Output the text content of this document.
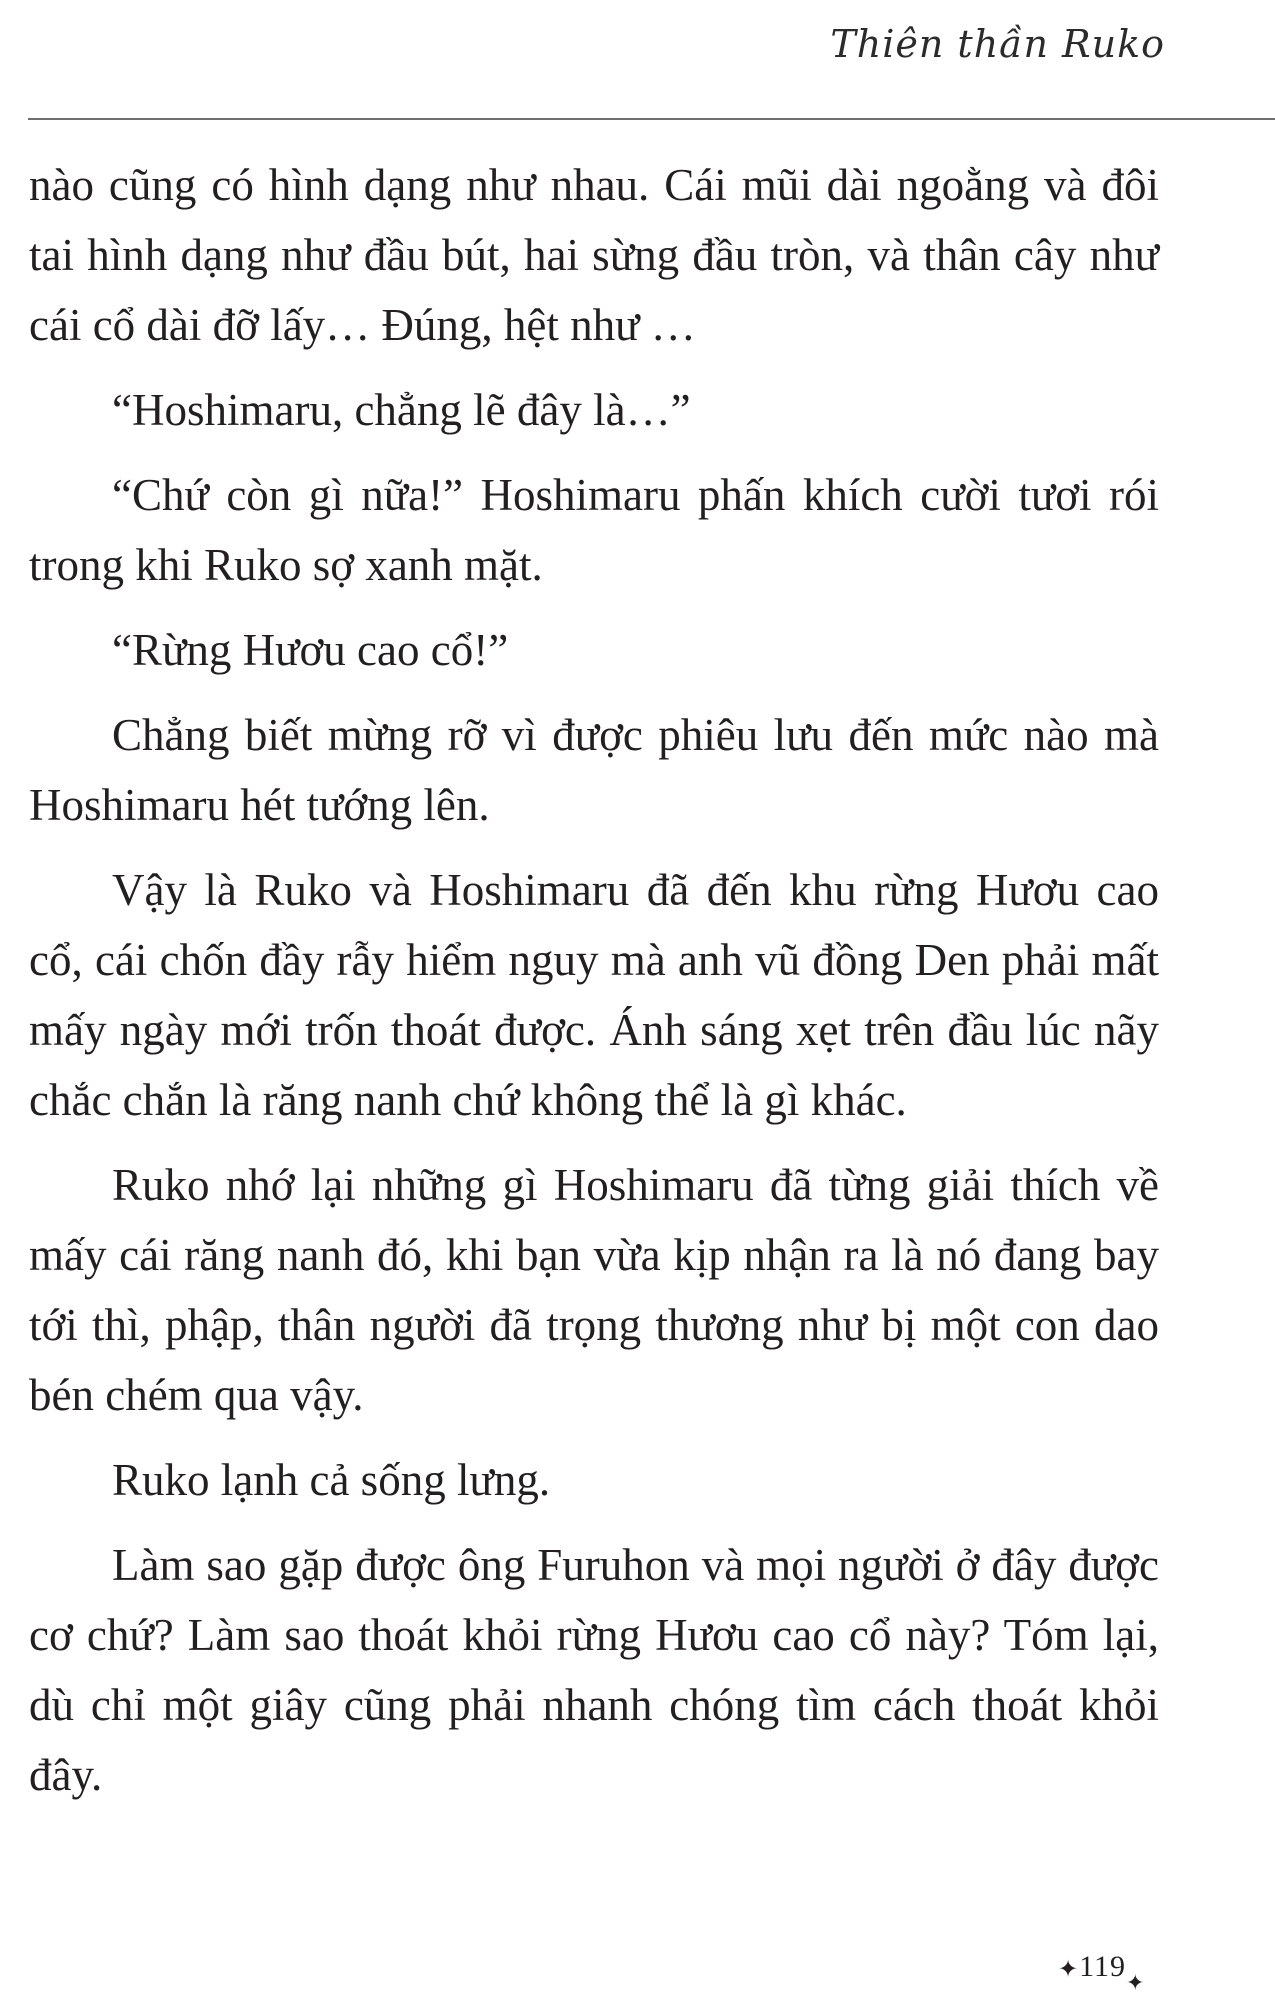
Thiên thần Ruko

nào cũng có hình dạng như nhau. Cái mũi dài ngoằng và đôi tai hình dạng như đầu bút, hai sừng đầu tròn, và thân cây như cái cổ dài đỡ lấy… Đúng, hệt như …

“Hoshimaru, chẳng lẽ đây là…”

“Chứ còn gì nữa!” Hoshimaru phấn khích cười tươi rói trong khi Ruko sợ xanh mặt.

“Rừng Hươu cao cổ!”

Chẳng biết mừng rỡ vì được phiêu lưu đến mức nào mà Hoshimaru hét tướng lên.

Vậy là Ruko và Hoshimaru đã đến khu rừng Hươu cao cổ, cái chốn đầy rẫy hiểm nguy mà anh vũ đồng Den phải mất mấy ngày mới trốn thoát được. Ánh sáng xẹt trên đầu lúc nãy chắc chắn là răng nanh chứ không thể là gì khác.

Ruko nhớ lại những gì Hoshimaru đã từng giải thích về mấy cái răng nanh đó, khi bạn vừa kịp nhận ra là nó đang bay tới thì, phập, thân người đã trọng thương như bị một con dao bén chém qua vậy.

Ruko lạnh cả sống lưng.

Làm sao gặp được ông Furuhon và mọi người ở đây được cơ chứ? Làm sao thoát khỏi rừng Hươu cao cổ này? Tóm lại, dù chỉ một giây cũng phải nhanh chóng tìm cách thoát khỏi đây.

✦119✦
